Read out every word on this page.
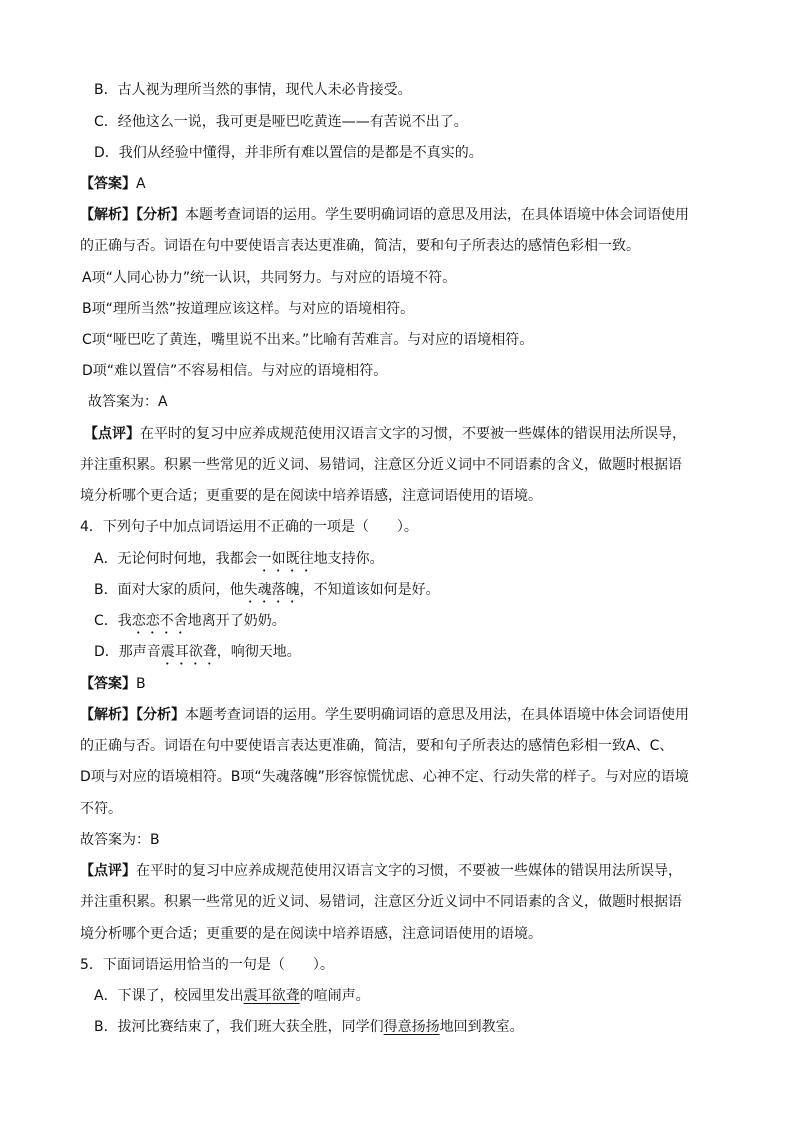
B．古人视为理所当然的事情，现代人未必肯接受。
C．经他这么一说，我可更是哑巴吃黄连——有苦说不出了。
D．我们从经验中懂得，并非所有难以置信的是都是不真实的。
【答案】A
【解析】【分析】本题考查词语的运用。学生要明确词语的意思及用法，在具体语境中体会词语使用
的正确与否。词语在句中要使语言表达更准确，简洁，要和句子所表达的感情色彩相一致。
A项“人同心协力”统一认识，共同努力。与对应的语境不符。
B项“理所当然”按道理应该这样。与对应的语境相符。
C项“哑巴吃了黄连，嘴里说不出来。”比喻有苦难言。与对应的语境相符。
D项“难以置信”不容易相信。与对应的语境相符。
故答案为：A
【点评】在平时的复习中应养成规范使用汉语言文字的习惯，不要被一些媒体的错误用法所误导，
并注重积累。积累一些常见的近义词、易错词，注意区分近义词中不同语素的含义，做题时根据语
境分析哪个更合适；更重要的是在阅读中培养语感，注意词语使用的语境。
4．下列句子中加点词语运用不正确的一项是（　　）。
A．无论何时何地，我都会一如既往地支持你。
B．面对大家的质问，他失魂落魄，不知道该如何是好。
C．我恋恋不舍地离开了奶奶。
D．那声音震耳欲聋，响彻天地。
【答案】B
【解析】【分析】本题考查词语的运用。学生要明确词语的意思及用法，在具体语境中体会词语使用
的正确与否。词语在句中要使语言表达更准确，简洁，要和句子所表达的感情色彩相一致A、C、
D项与对应的语境相符。B项“失魂落魄”形容惊慌忧虑、心神不定、行动失常的样子。与对应的语境
不符。
故答案为：B
【点评】在平时的复习中应养成规范使用汉语言文字的习惯，不要被一些媒体的错误用法所误导，
并注重积累。积累一些常见的近义词、易错词，注意区分近义词中不同语素的含义，做题时根据语
境分析哪个更合适；更重要的是在阅读中培养语感，注意词语使用的语境。
5．下面词语运用恰当的一句是（　　）。
A．下课了，校园里发出震耳欲聋的喧闹声。
B．拔河比赛结束了，我们班大获全胜，同学们得意扬扬地回到教室。
